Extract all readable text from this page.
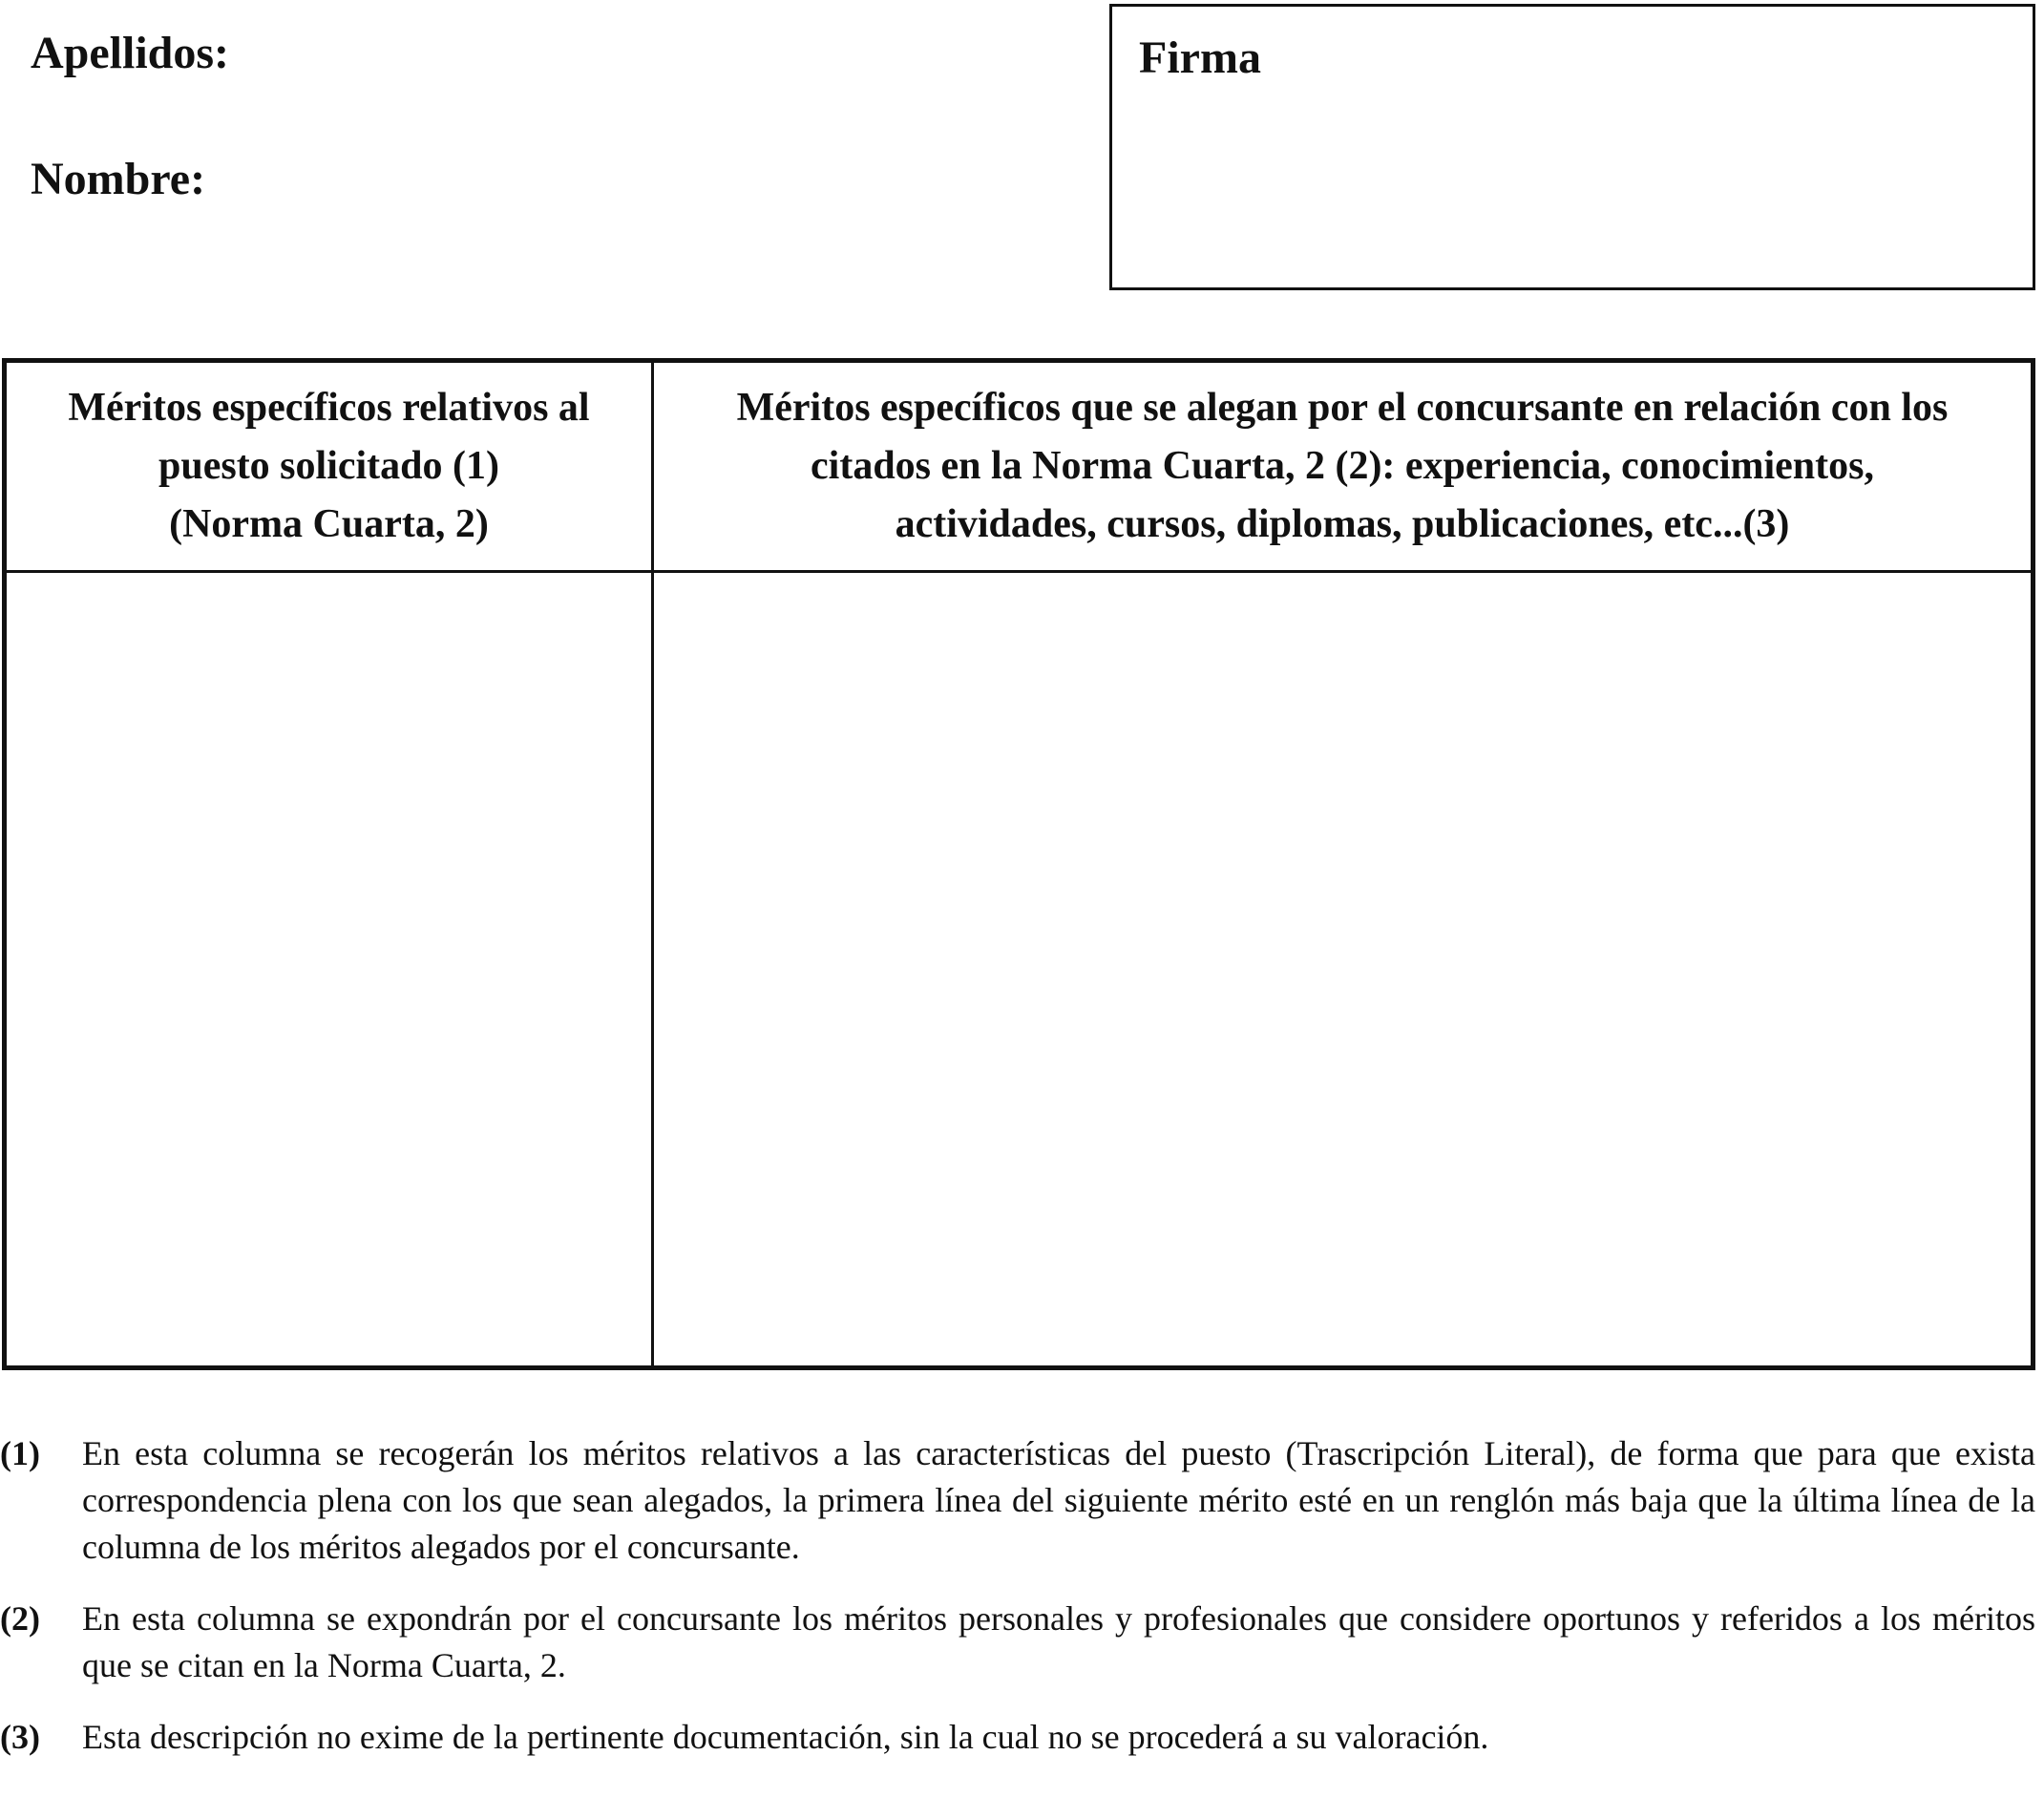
Apellidos:
Nombre:
Firma
Méritos específicos relativos al
puesto solicitado (1)
(Norma Cuarta, 2)
Méritos específicos que se alegan por el concursante en relación con los
citados en la Norma Cuarta, 2 (2): experiencia, conocimientos,
actividades, cursos, diplomas, publicaciones, etc...(3)
(1) En esta columna se recogerán los méritos relativos a las características del puesto (Trascripción Literal), de forma que para que exista correspondencia plena con los que sean alegados, la primera línea del siguiente mérito esté en un renglón más baja que la última línea de la columna de los méritos alegados por el concursante.
(2) En esta columna se expondrán por el concursante los méritos personales y profesionales que considere oportunos y referidos a los méritos que se citan en la Norma Cuarta, 2.
(3) Esta descripción no exime de la pertinente documentación, sin la cual no se procederá a su valoración.
